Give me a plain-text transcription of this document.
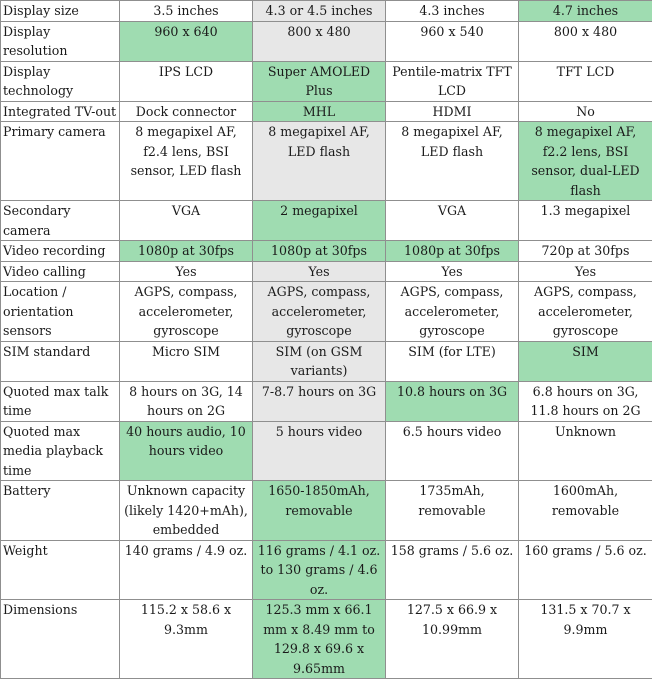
Display size	3.5 inches	4.3 or 4.5 inches	4.3 inches	4.7 inches
Display resolution	960 x 640	800 x 480	960 x 540	800 x 480
Display technology	IPS LCD	Super AMOLED Plus	Pentile-matrix TFT LCD	TFT LCD
Integrated TV-out	Dock connector	MHL	HDMI	No
Primary camera	8 megapixel AF, f2.4 lens, BSI sensor, LED flash	8 megapixel AF, LED flash	8 megapixel AF, LED flash	8 megapixel AF, f2.2 lens, BSI sensor, dual-LED flash
Secondary camera	VGA	2 megapixel	VGA	1.3 megapixel
Video recording	1080p at 30fps	1080p at 30fps	1080p at 30fps	720p at 30fps
Video calling	Yes	Yes	Yes	Yes
Location / orientation sensors	AGPS, compass, accelerometer, gyroscope	AGPS, compass, accelerometer, gyroscope	AGPS, compass, accelerometer, gyroscope	AGPS, compass, accelerometer, gyroscope
SIM standard	Micro SIM	SIM (on GSM variants)	SIM (for LTE)	SIM
Quoted max talk time	8 hours on 3G, 14 hours on 2G	7-8.7 hours on 3G	10.8 hours on 3G	6.8 hours on 3G, 11.8 hours on 2G
Quoted max media playback time	40 hours audio, 10 hours video	5 hours video	6.5 hours video	Unknown
Battery	Unknown capacity (likely 1420+mAh), embedded	1650-1850mAh, removable	1735mAh, removable	1600mAh, removable
Weight	140 grams / 4.9 oz.	116 grams / 4.1 oz. to 130 grams / 4.6 oz.	158 grams / 5.6 oz.	160 grams / 5.6 oz.
Dimensions	115.2 x 58.6 x 9.3mm	125.3 mm x 66.1 mm x 8.49 mm to 129.8 x 69.6 x 9.65mm	127.5 x 66.9 x 10.99mm	131.5 x 70.7 x 9.9mm
